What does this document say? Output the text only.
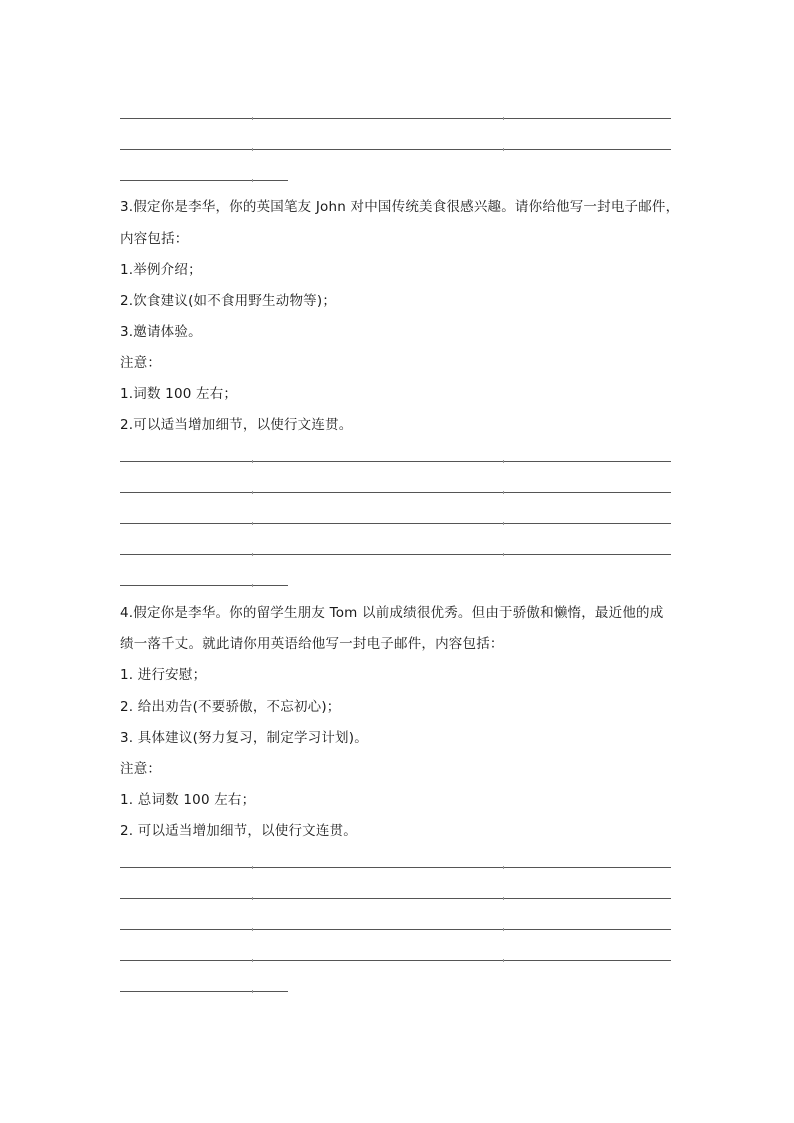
3.假定你是李华，你的英国笔友 John 对中国传统美食很感兴趣。请你给他写一封电子邮件，
内容包括：
1.举例介绍；
2.饮食建议(如不食用野生动物等)；
3.邀请体验。
注意：
1.词数 100 左右；
2.可以适当增加细节，以使行文连贯。
4.假定你是李华。你的留学生朋友 Tom 以前成绩很优秀。但由于骄傲和懒惰，最近他的成
绩一落千丈。就此请你用英语给他写一封电子邮件，内容包括：
1. 进行安慰；
2. 给出劝告(不要骄傲，不忘初心)；
3. 具体建议(努力复习，制定学习计划)。
注意：
1. 总词数 100 左右；
2. 可以适当增加细节，以使行文连贯。
